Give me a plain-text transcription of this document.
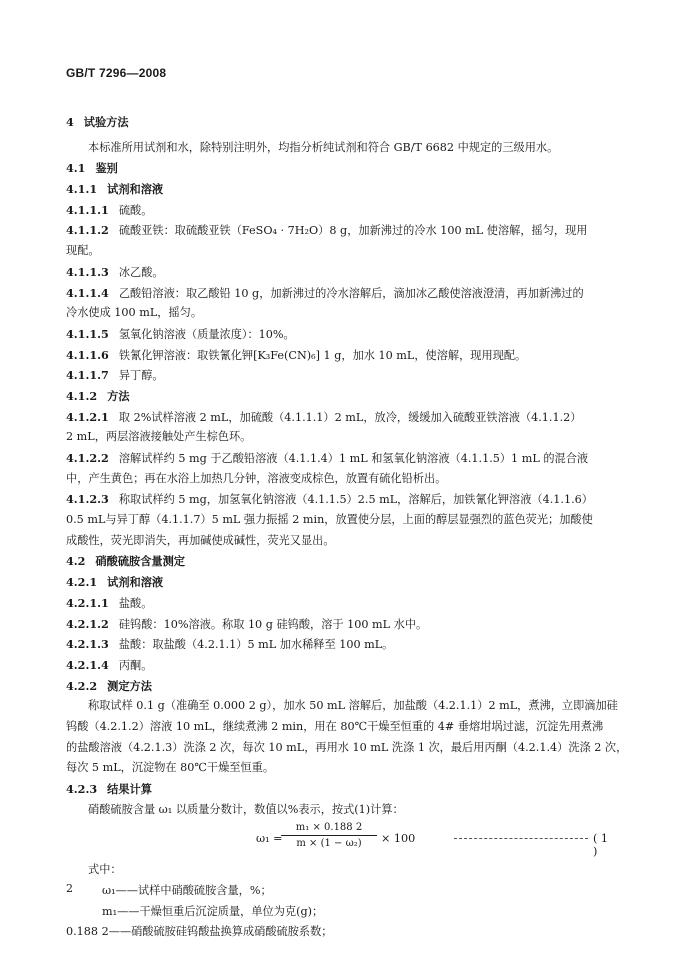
GB/T 7296—2008
4 试验方法
本标准所用试剂和水，除特别注明外，均指分析纯试剂和符合 GB/T 6682 中规定的三级用水。
4.1 鉴别
4.1.1 试剂和溶液
4.1.1.1 硫酸。
4.1.1.2 硫酸亚铁：取硫酸亚铁（FeSO₄ · 7H₂O）8 g，加新沸过的冷水 100 mL 使溶解，摇匀，现用
现配。
4.1.1.3 冰乙酸。
4.1.1.4 乙酸铅溶液：取乙酸铅 10 g，加新沸过的冷水溶解后，滴加冰乙酸使溶液澄清，再加新沸过的
冷水使成 100 mL，摇匀。
4.1.1.5 氢氧化钠溶液（质量浓度）：10%。
4.1.1.6 铁氰化钾溶液：取铁氰化钾[K₃Fe(CN)₆] 1 g，加水 10 mL，使溶解，现用现配。
4.1.1.7 异丁醇。
4.1.2 方法
4.1.2.1 取 2%试样溶液 2 mL，加硫酸（4.1.1.1）2 mL，放冷，缓缓加入硫酸亚铁溶液（4.1.1.2）
2 mL，两层溶液接触处产生棕色环。
4.1.2.2 溶解试样约 5 mg 于乙酸铅溶液（4.1.1.4）1 mL 和氢氧化钠溶液（4.1.1.5）1 mL 的混合液
中，产生黄色；再在水浴上加热几分钟，溶液变成棕色，放置有硫化铅析出。
4.1.2.3 称取试样约 5 mg，加氢氧化钠溶液（4.1.1.5）2.5 mL，溶解后，加铁氰化钾溶液（4.1.1.6）
0.5 mL与异丁醇（4.1.1.7）5 mL 强力振摇 2 min，放置使分层，上面的醇层显强烈的蓝色荧光；加酸使
成酸性，荧光即消失，再加碱使成碱性，荧光又显出。
4.2 硝酸硫胺含量测定
4.2.1 试剂和溶液
4.2.1.1 盐酸。
4.2.1.2 硅钨酸：10%溶液。称取 10 g 硅钨酸，溶于 100 mL 水中。
4.2.1.3 盐酸：取盐酸（4.2.1.1）5 mL 加水稀释至 100 mL。
4.2.1.4 丙酮。
4.2.2 测定方法
称取试样 0.1 g（准确至 0.000 2 g），加水 50 mL 溶解后，加盐酸（4.2.1.1）2 mL，煮沸，立即滴加硅
钨酸（4.2.1.2）溶液 10 mL，继续煮沸 2 min，用在 80℃干燥至恒重的 4# 垂熔坩埚过滤，沉淀先用煮沸
的盐酸溶液（4.2.1.3）洗涤 2 次，每次 10 mL，再用水 10 mL 洗涤 1 次，最后用丙酮（4.2.1.4）洗涤 2 次，
每次 5 mL，沉淀物在 80℃干燥至恒重。
4.2.3 结果计算
硝酸硫胺含量 ω₁ 以质量分数计，数值以%表示，按式(1)计算：
ω₁ =
$\frac{\text{m₁ × 0.188 2}}{\text{m × (1 − ω₂)}} \times 100$	( 1 )
式中：
ω₁——试样中硝酸硫胺含量，%；
m₁——干燥恒重后沉淀质量，单位为克(g)；
0.188 2——硝酸硫胺硅钨酸盐换算成硝酸硫胺系数；
2
